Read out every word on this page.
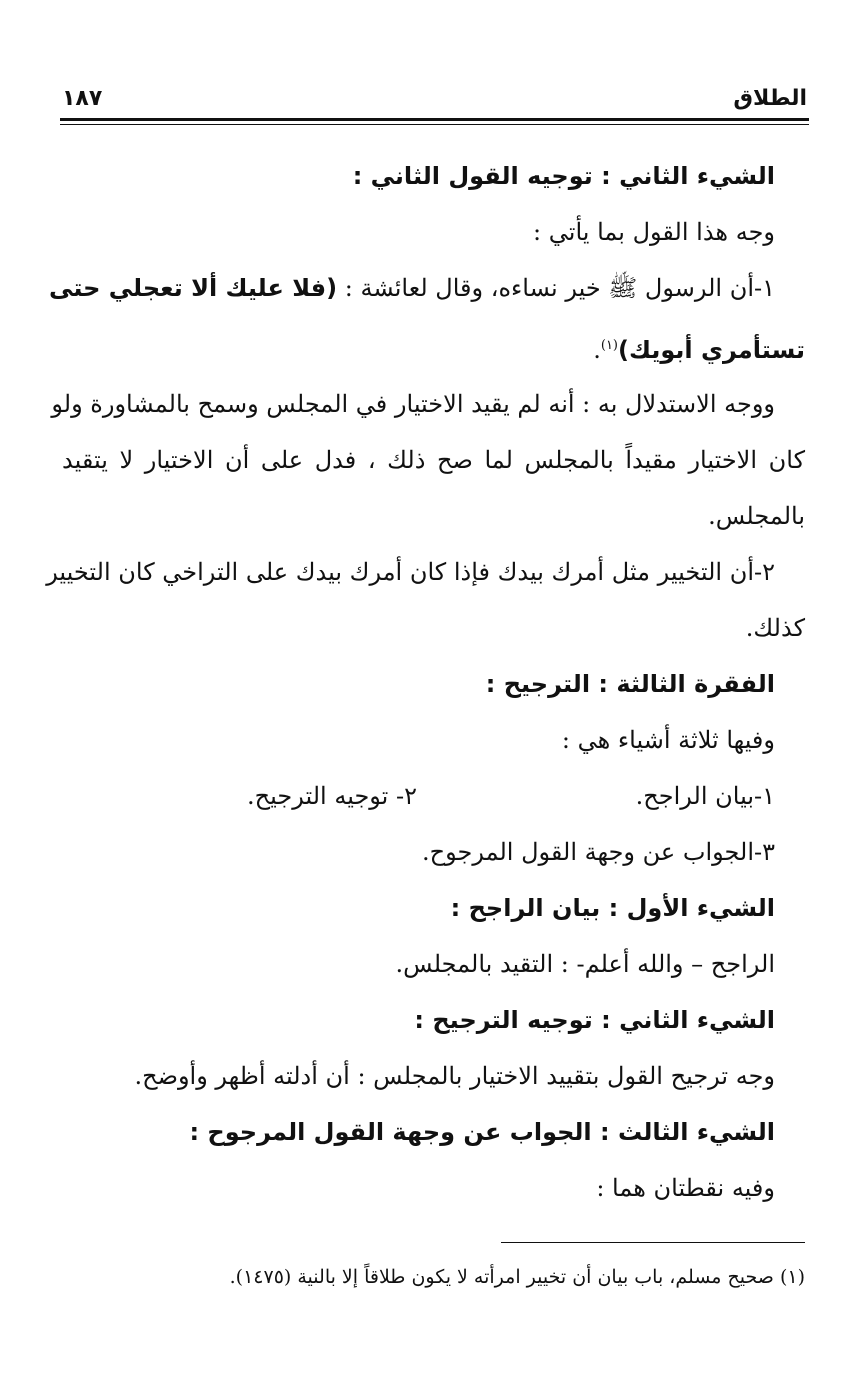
الطلاق
١٨٧
الشيء الثاني : توجيه القول الثاني :
وجه هذا القول بما يأتي :
١-أن الرسول ﷺ خير نساءه، وقال لعائشة : (فلا عليك ألا تعجلي حتى
تستأمري أبويك)$^{(١)}$.
ووجه الاستدلال به : أنه لم يقيد الاختيار في المجلس وسمح بالمشاورة ولو
كان الاختيار مقيداً بالمجلس لما صح ذلك ، فدل على أن الاختيار لا يتقيد
بالمجلس.
٢-أن التخيير مثل أمرك بيدك فإذا كان أمرك بيدك على التراخي كان التخيير
كذلك.
الفقرة الثالثة : الترجيح :
وفيها ثلاثة أشياء هي :
١-بيان الراجح.
٢- توجيه الترجيح.
٣-الجواب عن وجهة القول المرجوح.
الشيء الأول : بيان الراجح :
الراجح – والله أعلم- : التقيد بالمجلس.
الشيء الثاني : توجيه الترجيح :
وجه ترجيح القول بتقييد الاختيار بالمجلس : أن أدلته أظهر وأوضح.
الشيء الثالث : الجواب عن وجهة القول المرجوح :
وفيه نقطتان هما :
(١) صحيح مسلم، باب بيان أن تخيير امرأته لا يكون طلاقاً إلا بالنية (١٤٧٥).
